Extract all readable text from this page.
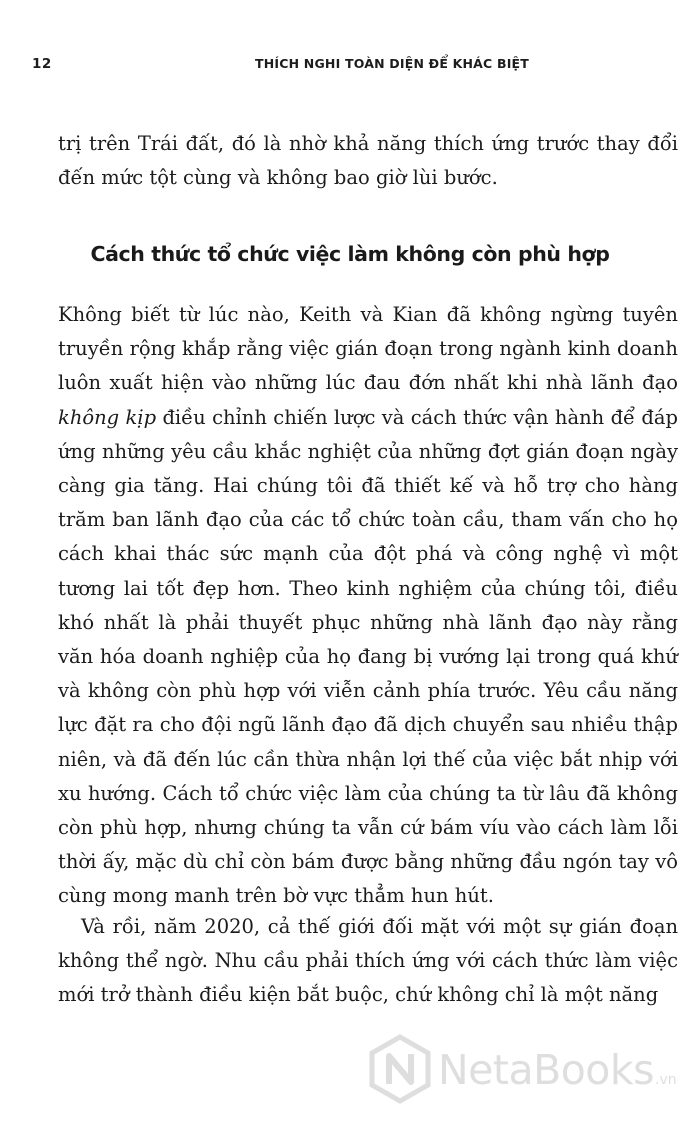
12	THÍCH NGHI TOÀN DIỆN ĐỂ KHÁC BIỆT

trị trên Trái đất, đó là nhờ khả năng thích ứng trước thay đổi đến mức tột cùng và không bao giờ lùi bước.

Cách thức tổ chức việc làm không còn phù hợp

Không biết từ lúc nào, Keith và Kian đã không ngừng tuyên truyền rộng khắp rằng việc gián đoạn trong ngành kinh doanh luôn xuất hiện vào những lúc đau đớn nhất khi nhà lãnh đạo không kịp điều chỉnh chiến lược và cách thức vận hành để đáp ứng những yêu cầu khắc nghiệt của những đợt gián đoạn ngày càng gia tăng. Hai chúng tôi đã thiết kế và hỗ trợ cho hàng trăm ban lãnh đạo của các tổ chức toàn cầu, tham vấn cho họ cách khai thác sức mạnh của đột phá và công nghệ vì một tương lai tốt đẹp hơn. Theo kinh nghiệm của chúng tôi, điều khó nhất là phải thuyết phục những nhà lãnh đạo này rằng văn hóa doanh nghiệp của họ đang bị vướng lại trong quá khứ và không còn phù hợp với viễn cảnh phía trước. Yêu cầu năng lực đặt ra cho đội ngũ lãnh đạo đã dịch chuyển sau nhiều thập niên, và đã đến lúc cần thừa nhận lợi thế của việc bắt nhịp với xu hướng. Cách tổ chức việc làm của chúng ta từ lâu đã không còn phù hợp, nhưng chúng ta vẫn cứ bám víu vào cách làm lỗi thời ấy, mặc dù chỉ còn bám được bằng những đầu ngón tay vô cùng mong manh trên bờ vực thẳm hun hút.

Và rồi, năm 2020, cả thế giới đối mặt với một sự gián đoạn không thể ngờ. Nhu cầu phải thích ứng với cách thức làm việc mới trở thành điều kiện bắt buộc, chứ không chỉ là một năng

NetaBooks.vn
